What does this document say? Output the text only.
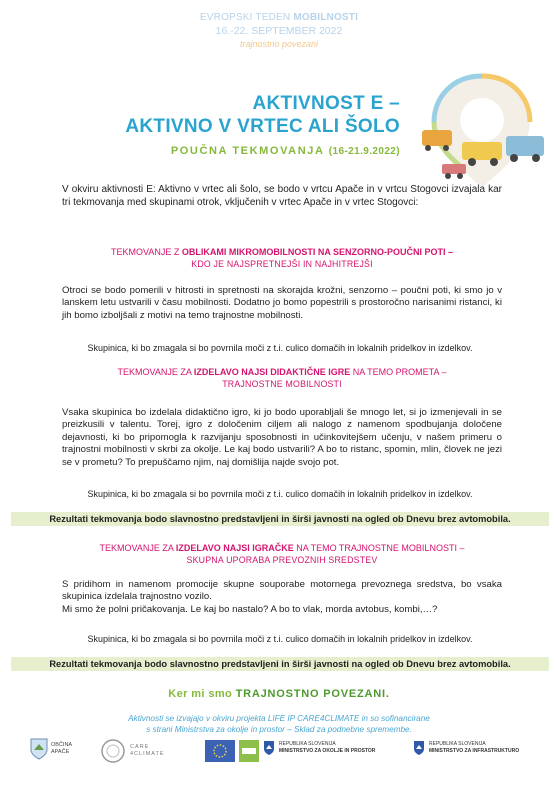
EVROPSKI TEDEN MOBILNOSTI
16.-22. SEPTEMBER 2022
trajnostno povezani
AKTIVNOST E –
AKTIVNO V VRTEC ALI ŠOLO
POUČNA TEKMOVANJA (16-21.9.2022)
V okviru aktivnosti E: Aktivno v vrtec ali šolo, se bodo v vrtcu Apače in v vrtcu Stogovci izvajala kar tri tekmovanja med skupinami otrok, vključenih v vrtec Apače in v vrtec Stogovci:
TEKMOVANJE Z OBLIKAMI MIKROMOBILNOSTI NA SENZORNO-POUČNI POTI –
KDO JE NAJSPRETNEJŠI IN NAJHITREJŠI
Otroci se bodo pomerili v hitrosti in spretnosti na skorajda krožni, senzorno – poučni poti, ki smo jo v lanskem letu ustvarili v času mobilnosti. Dodatno jo bomo popestrili s prostoročno narisanimi ristanci, ki jih bomo izboljšali z motivi na temo trajnostne mobilnosti.
Skupinica, ki bo zmagala si bo povrnila moči z t.i. culico domačih in lokalnih pridelkov in izdelkov.
TEKMOVANJE ZA IZDELAVO NAJSI DIDAKTIČNE IGRE NA TEMO PROMETA –
TRAJNOSTNE MOBILNOSTI
Vsaka skupinica bo izdelala didaktično igro, ki jo bodo uporabljali še mnogo let, si jo izmenjevali in se preizkusili v talentu. Torej, igro z določenim ciljem ali nalogo z namenom spodbujanja določene dejavnosti, ki bo pripomogla k razvijanju sposobnosti in učinkovitejšem učenju, v našem primeru o trajnostni mobilnosti v skrbi za okolje. Le kaj bodo ustvarili? A bo to ristanc, spomin, mlin, človek ne jezi se v prometu? To prepuščamo njim, naj domišlija najde svojo pot.
Skupinica, ki bo zmagala si bo povrnila moči z t.i. culico domačih in lokalnih pridelkov in izdelkov.
Rezultati tekmovanja bodo slavnostno predstavljeni in širši javnosti na ogled ob Dnevu brez avtomobila.
TEKMOVANJE ZA IZDELAVO NAJSI IGRAČKE NA TEMO TRAJNOSTNE MOBILNOSTI –
SKUPNA UPORABA PREVOZNIH SREDSTEV
S pridihom in namenom promocije skupne souporabe motornega prevoznega sredstva, bo vsaka skupinica izdelala trajnostno vozilo.
Mi smo že polni pričakovanja. Le kaj bo nastalo? A bo to vlak, morda avtobus, kombi,…?
Skupinica, ki bo zmagala si bo povrnila moči z t.i. culico domačih in lokalnih pridelkov in izdelkov.
Rezultati tekmovanja bodo slavnostno predstavljeni in širši javnosti na ogled ob Dnevu brez avtomobila.
Ker mi smo TRAJNOSTNO POVEZANI.
Aktivnosti se izvajajo v okviru projekta LIFE IP CARE4CLIMATE in so sofinancirane
s strani Ministrstva za okolje in prostor – Sklad za podnebne spremembe.
OBČINA APAČE
CARE 4CLIMATE
REPUBLIKA SLOVENIJA
MINISTRSTVO ZA OKOLJE IN PROSTOR
REPUBLIKA SLOVENIJA
MINISTRSTVO ZA INFRASTRUKTURO
